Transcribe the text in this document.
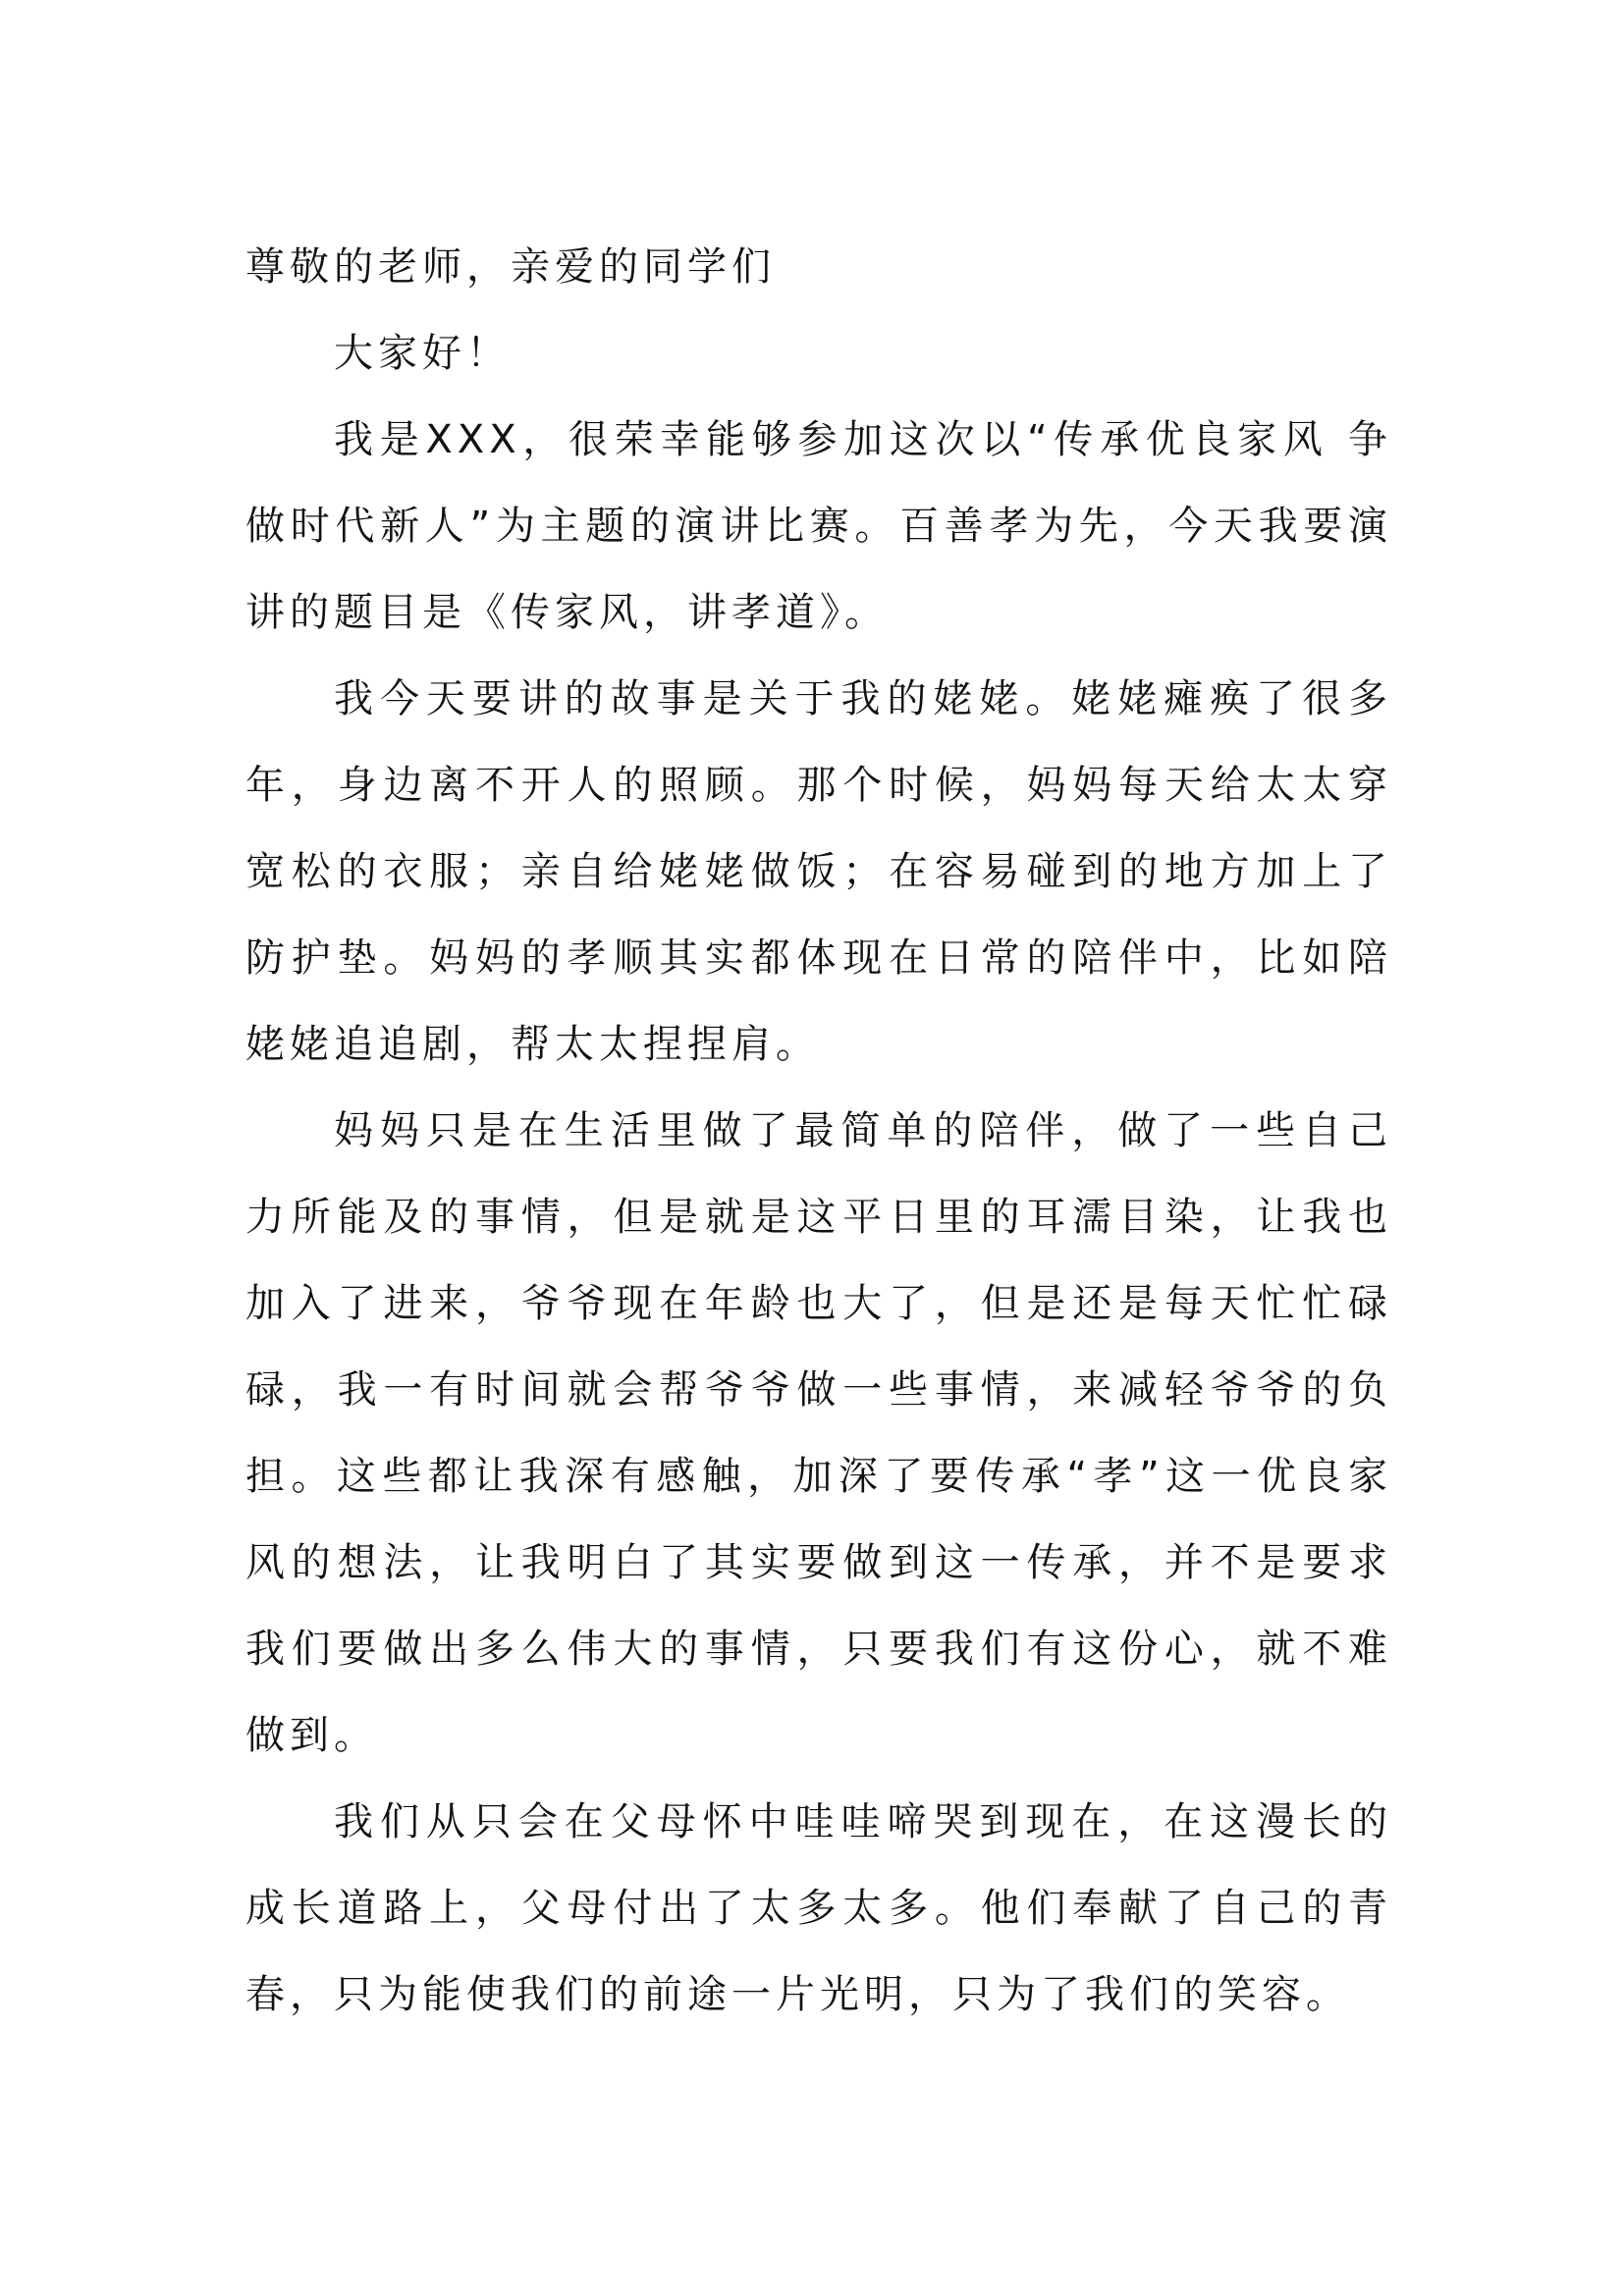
尊敬的老师，亲爱的同学们

大家好！

我是XXX，很荣幸能够参加这次以“传承优良家风 争做时代新人”为主题的演讲比赛。百善孝为先，今天我要演讲的题目是《传家风，讲孝道》。

我今天要讲的故事是关于我的姥姥。姥姥瘫痪了很多年，身边离不开人的照顾。那个时候，妈妈每天给太太穿宽松的衣服；亲自给姥姥做饭；在容易碰到的地方加上了防护垫。妈妈的孝顺其实都体现在日常的陪伴中，比如陪姥姥追追剧，帮太太捏捏肩。

妈妈只是在生活里做了最简单的陪伴，做了一些自己力所能及的事情，但是就是这平日里的耳濡目染，让我也加入了进来，爷爷现在年龄也大了，但是还是每天忙忙碌碌，我一有时间就会帮爷爷做一些事情，来减轻爷爷的负担。这些都让我深有感触，加深了要传承“孝”这一优良家风的想法，让我明白了其实要做到这一传承，并不是要求我们要做出多么伟大的事情，只要我们有这份心，就不难做到。

我们从只会在父母怀中哇哇啼哭到现在，在这漫长的成长道路上，父母付出了太多太多。他们奉献了自己的青春，只为能使我们的前途一片光明，只为了我们的笑容。
